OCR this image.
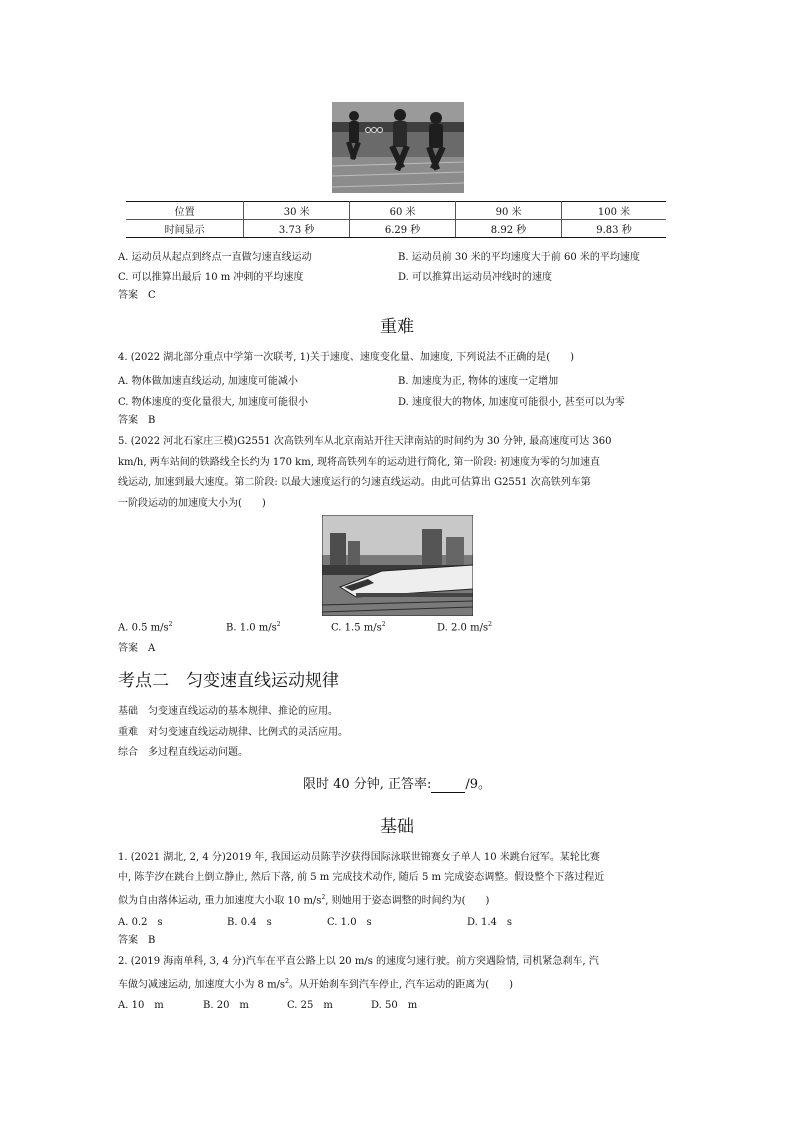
位置	30 米	60 米	90 米	100 米
时间显示	3.73 秒	6.29 秒	8.92 秒	9.83 秒
A. 运动员从起点到终点一直做匀速直线运动	B. 运动员前 30 米的平均速度大于前 60 米的平均速度
C. 可以推算出最后 10 m 冲刺的平均速度	D. 可以推算出运动员冲线时的速度
答案　C
重难
4. (2022 湖北部分重点中学第一次联考, 1)关于速度、速度变化量、加速度, 下列说法不正确的是(　　)
A. 物体做加速直线运动, 加速度可能减小	B. 加速度为正, 物体的速度一定增加
C. 物体速度的变化量很大, 加速度可能很小	D. 速度很大的物体, 加速度可能很小, 甚至可以为零
答案　B
5. (2022 河北石家庄三模)G2551 次高铁列车从北京南站开往天津南站的时间约为 30 分钟, 最高速度可达 360
km/h, 两车站间的铁路线全长约为 170 km, 现将高铁列车的运动进行简化, 第一阶段: 初速度为零的匀加速直
线运动, 加速到最大速度。第二阶段: 以最大速度运行的匀速直线运动。由此可估算出 G2551 次高铁列车第
一阶段运动的加速度大小为(　　)
A. 0.5 $m/s^2$	B. 1.0 $m/s^2$	C. 1.5 $m/s^2$	D. 2.0 $m/s^2$
答案　A
考点二　匀变速直线运动规律
基础　匀变速直线运动的基本规律、推论的应用。
重难　对匀变速直线运动规律、比例式的灵活应用。
综合　多过程直线运动问题。
限时 40 分钟, 正答率:	/9。
基础
1. (2021 湖北, 2, 4 分)2019 年, 我国运动员陈芋汐获得国际泳联世锦赛女子单人 10 米跳台冠军。某轮比赛
中, 陈芋汐在跳台上倒立静止, 然后下落, 前 5 m 完成技术动作, 随后 5 m 完成姿态调整。假设整个下落过程近
似为自由落体运动, 重力加速度大小取 10 $m/s^2$, 则她用于姿态调整的时间约为(　　)
A. 0.2　s	B. 0.4　s	C. 1.0　s	D. 1.4　s
答案　B
2. (2019 海南单科, 3, 4 分)汽车在平直公路上以 20 m/s 的速度匀速行驶。前方突遇险情, 司机紧急刹车, 汽
车做匀减速运动, 加速度大小为 8 $m/s^2$。从开始刹车到汽车停止, 汽车运动的距离为(　　)
A. 10　m	B. 20　m	C. 25　m	D. 50　m
